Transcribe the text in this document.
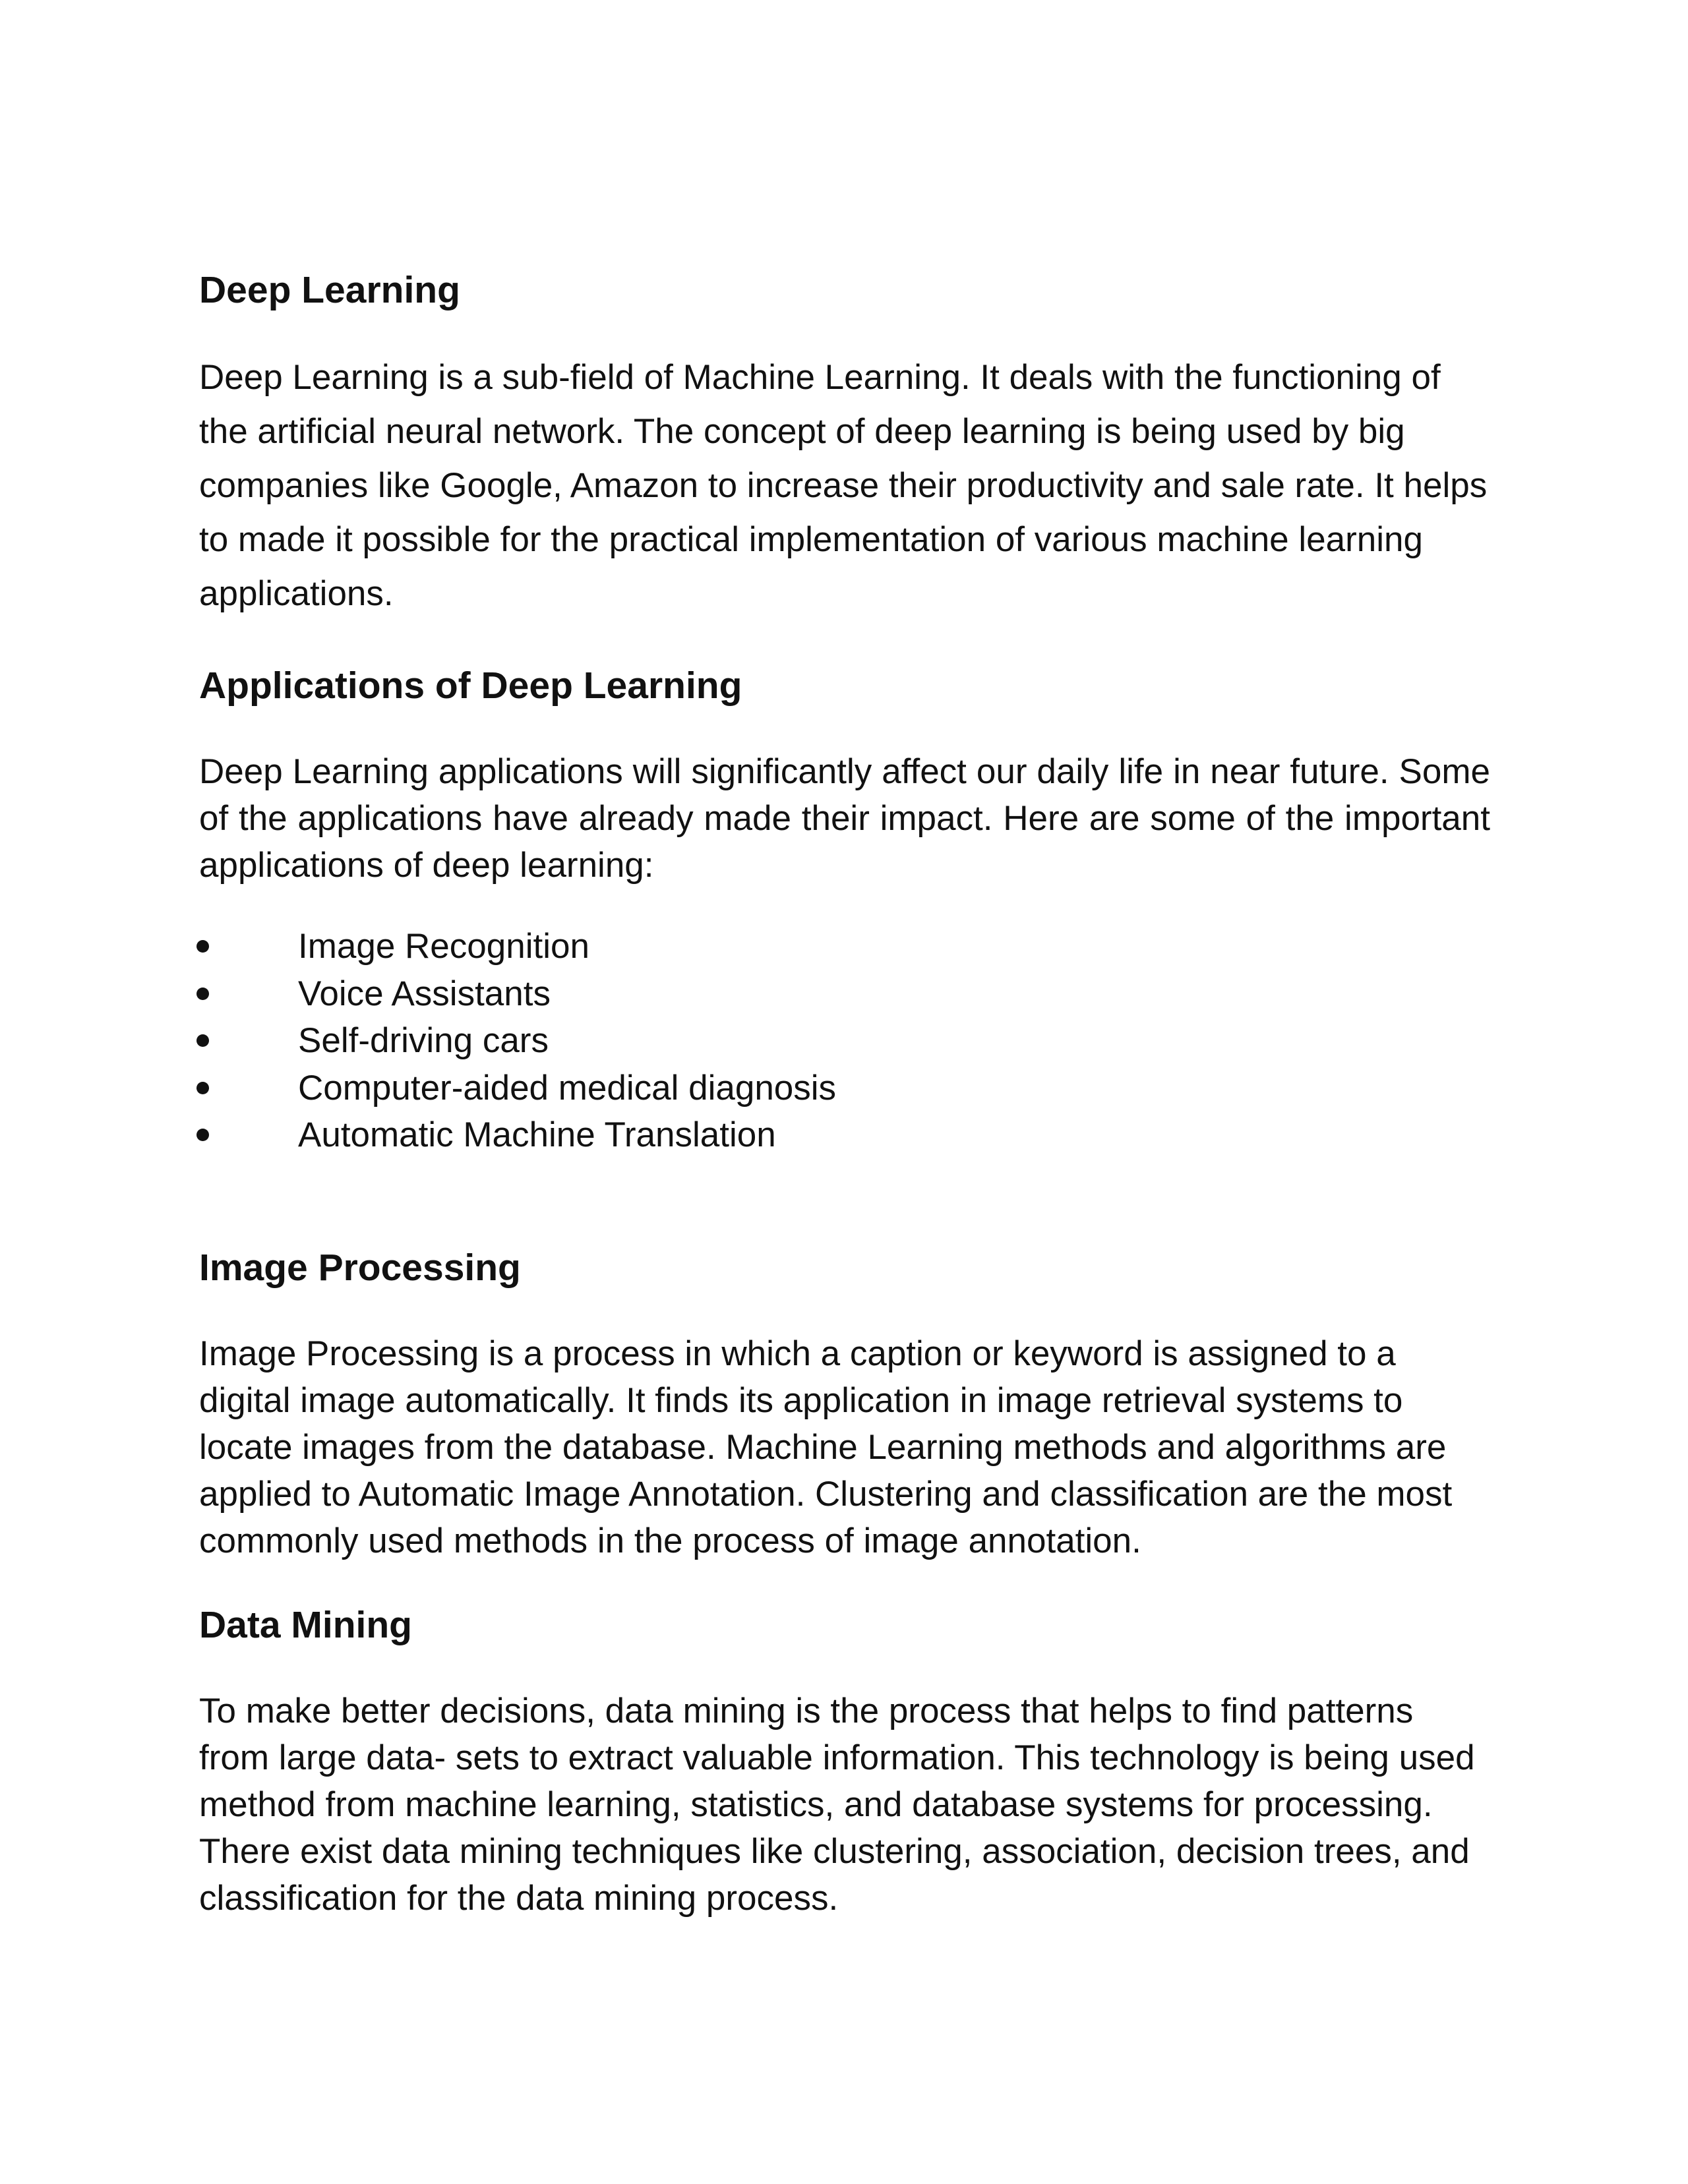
Deep Learning

Deep Learning is a sub-field of Machine Learning. It deals with the functioning of the artificial neural network. The concept of deep learning is being used by big companies like Google, Amazon to increase their productivity and sale rate. It helps to made it possible for the practical implementation of various machine learning applications.

Applications of Deep Learning

Deep Learning applications will significantly affect our daily life in near future. Some of the applications have already made their impact. Here are some of the important applications of deep learning:

Image Recognition
Voice Assistants
Self-driving cars
Computer-aided medical diagnosis
Automatic Machine Translation
Image Processing

Image Processing is a process in which a caption or keyword is assigned to a digital image automatically. It finds its application in image retrieval systems to locate images from the database. Machine Learning methods and algorithms are applied to Automatic Image Annotation. Clustering and classification are the most commonly used methods in the process of image annotation.

Data Mining

To make better decisions, data mining is the process that helps to find patterns from large data- sets to extract valuable information. This technology is being used method from machine learning, statistics, and database systems for processing. There exist data mining techniques like clustering, association, decision trees, and classification for the data mining process.
